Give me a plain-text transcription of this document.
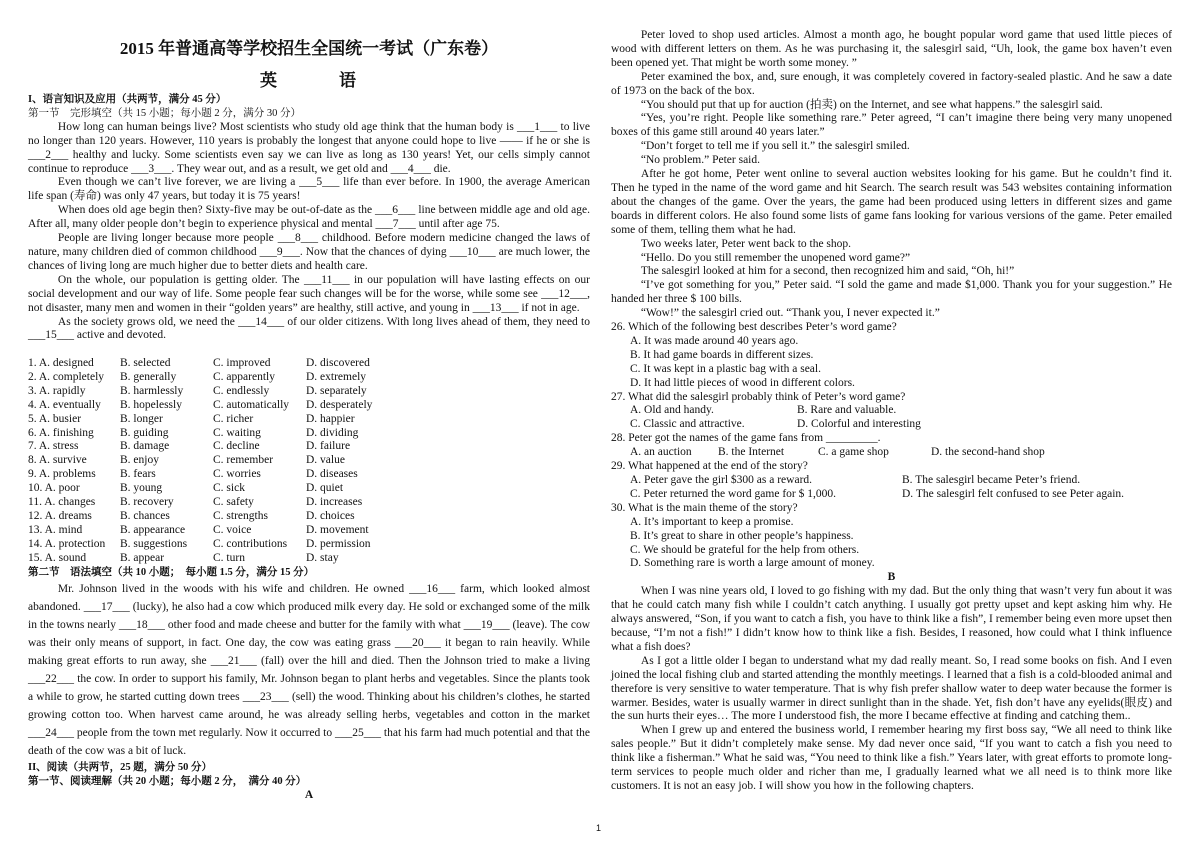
2015 年普通高等学校招生全国统一考试（广东卷）
英	语

I、语言知识及应用（共两节，满分 45 分）

第一节　完形填空（共 15 小题；每小题 2 分，满分 30 分）

How long can human beings live? Most scientists who study old age think that the human body is ___1___ to live no longer than 120 years. However, 110 years is probably the longest that anyone could hope to live —— if he or she is ___2___ healthy and lucky. Some scientists even say we can live as long as 130 years! Yet, our cells simply cannot continue to reproduce ___3___. They wear out, and as a result, we get old and ___4___ die.

Even though we can’t live forever, we are living a ___5___ life than ever before. In 1900, the average American life span (寿命) was only 47 years, but today it is 75 years!

When does old age begin then? Sixty-five may be out-of-date as the ___6___ line between middle age and old age. After all, many older people don’t begin to experience physical and mental ___7___ until after age 75.

People are living longer because more people ___8___ childhood. Before modern medicine changed the laws of nature, many children died of common childhood ___9___. Now that the chances of dying ___10___ are much lower, the chances of living long are much higher due to better diets and health care.

On the whole, our population is getting older. The ___11___ in our population will have lasting effects on our social development and our way of life. Some people fear such changes will be for the worse, while some see ___12___, not disaster, many men and women in their “golden years” are healthy, still active, and young in ___13___ if not in age.

As the society grows old, we need the ___14___ of our older citizens. With long lives ahead of them, they need to ___15___ active and devoted.

1. A. designed	B. selected	C. improved	D. discovered
2. A. completely	B. generally	C. apparently	D. extremely
3. A. rapidly	B. harmlessly	C. endlessly	D. separately
4. A. eventually	B. hopelessly	C. automatically	D. desperately
5. A. busier	B. longer	C. richer	D. happier
6. A. finishing	B. guiding	C. waiting	D. dividing
7. A. stress	B. damage	C. decline	D. failure
8. A. survive	B. enjoy	C. remember	D. value
9. A. problems	B. fears	C. worries	D. diseases
10. A. poor	B. young	C. sick	D. quiet
11. A. changes	B. recovery	C. safety	D. increases
12. A. dreams	B. chances	C. strengths	D. choices
13. A. mind	B. appearance	C. voice	D. movement
14. A. protection	B. suggestions	C. contributions	D. permission
15. A. sound	B. appear	C. turn	D. stay

第二节　语法填空（共 10 小题；　每小题 1.5 分，满分 15 分）

Mr. Johnson lived in the woods with his wife and children. He owned ___16___ farm, which looked almost abandoned. ___17___ (lucky), he also had a cow which produced milk every day. He sold or exchanged some of the milk in the towns nearly ___18___ other food and made cheese and butter for the family with what ___19___ (leave). The cow was their only means of support, in fact. One day, the cow was eating grass ___20___ it began to rain heavily. While making great efforts to run away, she ___21___ (fall) over the hill and died. Then the Johnson tried to make a living ___22___ the cow. In order to support his family, Mr. Johnson began to plant herbs and vegetables. Since the plants took a while to grow, he started cutting down trees ___23___ (sell) the wood. Thinking about his children’s clothes, he started growing cotton too. When harvest came around, he was already selling herbs, vegetables and cotton in the market ___24___ people from the town met regularly. Now it occurred to ___25___ that his farm had much potential and that the death of the cow was a bit of luck.

II、阅读（共两节，25 题，满分 50 分）

第一节、阅读理解（共 20 小题；每小题 2 分，　满分 40 分）

A

Peter loved to shop used articles. Almost a month ago, he bought popular word game that used little pieces of wood with different letters on them. As he was purchasing it, the salesgirl said, “Uh, look, the game box haven’t even been opened yet. That might be worth some money. ”

Peter examined the box, and, sure enough, it was completely covered in factory-sealed plastic. And he saw a date of 1973 on the back of the box.

“You should put that up for auction (拍卖) on the Internet, and see what happens.” the salesgirl said.

“Yes, you’re right. People like something rare.” Peter agreed, “I can’t imagine there being very many unopened boxes of this game still around 40 years later.”

“Don’t forget to tell me if you sell it.” the salesgirl smiled.

“No problem.” Peter said.

After he got home, Peter went online to several auction websites looking for his game. But he couldn’t find it. Then he typed in the name of the word game and hit Search. The search result was 543 websites containing information about the changes of the game. Over the years, the game had been produced using letters in different sizes and game boards in different colors. He also found some lists of game fans looking for various versions of the game. Peter emailed some of them, telling them what he had.

Two weeks later, Peter went back to the shop.

“Hello. Do you still remember the unopened word game?”

The salesgirl looked at him for a second, then recognized him and said, “Oh, hi!”

“I’ve got something for you,” Peter said. “I sold the game and made $1,000. Thank you for your suggestion.” He handed her three $ 100 bills.

“Wow!” the salesgirl cried out. “Thank you, I never expected it.”

26. Which of the following best describes Peter’s word game?

A. It was made around 40 years ago.

B. It had game boards in different sizes.

C. It was kept in a plastic bag with a seal.

D. It had little pieces of wood in different colors.

27. What did the salesgirl probably think of Peter’s word game?

A. Old and handy.	B. Rare and valuable.
C. Classic and attractive.	D. Colorful and interesting

28. Peter got the names of the game fans from _________.

A. an auction	B. the Internet	C. a game shop	D. the second-hand shop

29. What happened at the end of the story?

A. Peter gave the girl $300 as a reward.	B. The salesgirl became Peter’s friend.
C. Peter returned the word game for $ 1,000.	D. The salesgirl felt confused to see Peter again.

30. What is the main theme of the story?

A. It’s important to keep a promise.

B. It’s great to share in other people’s happiness.

C. We should be grateful for the help from others.

D. Something rare is worth a large amount of money.

B

When I was nine years old, I loved to go fishing with my dad. But the only thing that wasn’t very fun about it was that he could catch many fish while I couldn’t catch anything. I usually got pretty upset and kept asking him why. He always answered, “Son, if you want to catch a fish, you have to think like a fish”, I remember being even more upset then because, “I’m not a fish!” I didn’t know how to think like a fish. Besides, I reasoned, how could what I think influence what a fish does?

As I got a little older I began to understand what my dad really meant. So, I read some books on fish. And I even joined the local fishing club and started attending the monthly meetings. I learned that a fish is a cold-blooded animal and therefore is very sensitive to water temperature. That is why fish prefer shallow water to deep water because the former is warmer. Besides, water is usually warmer in direct sunlight than in the shade. Yet, fish don’t have any eyelids(眼皮) and the sun hurts their eyes… The more I understood fish, the more I became effective at finding and catching them..

When I grew up and entered the business world, I remember hearing my first boss say, “We all need to think like sales people.” But it didn’t completely make sense. My dad never once said, “If you want to catch a fish you need to think like a fisherman.” What he said was, “You need to think like a fish.” Years later, with great efforts to promote long-term services to people much older and richer than me, I gradually learned what we all need is to think more like customers. It is not an easy job. I will show you how in the following chapters.

1
